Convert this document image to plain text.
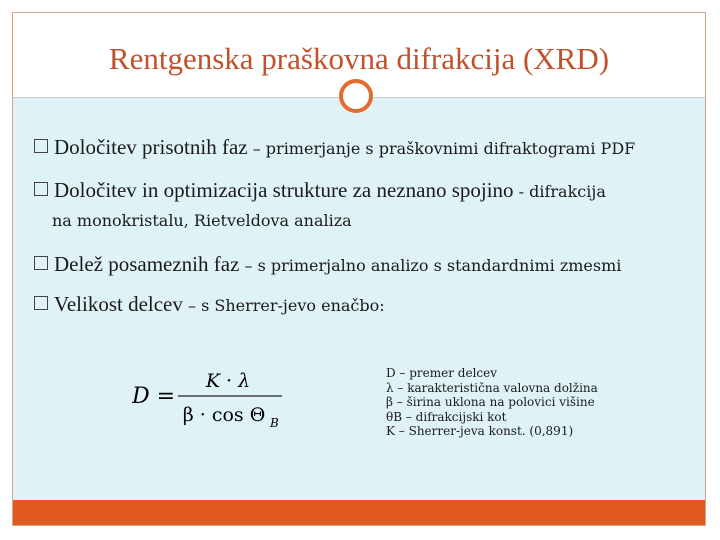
Rentgenska praškovna difrakcija (XRD)
Določitev prisotnih faz – primerjanje s praškovnimi difraktogrami PDF
Določitev in optimizacija strukture za neznano spojino - difrakcija
na monokristalu, Rietveldova analiza
Delež posameznih faz – s primerjalno analizo s standardnimi zmesmi
Velikost delcev – s Sherrer-jevo enačbo:
D =
K · λ
β · cos Θ B
D – premer delcev
λ – karakteristična valovna dolžina
β – širina uklona na polovici višine
θB – difrakcijski kot
K – Sherrer-jeva konst. (0,891)
